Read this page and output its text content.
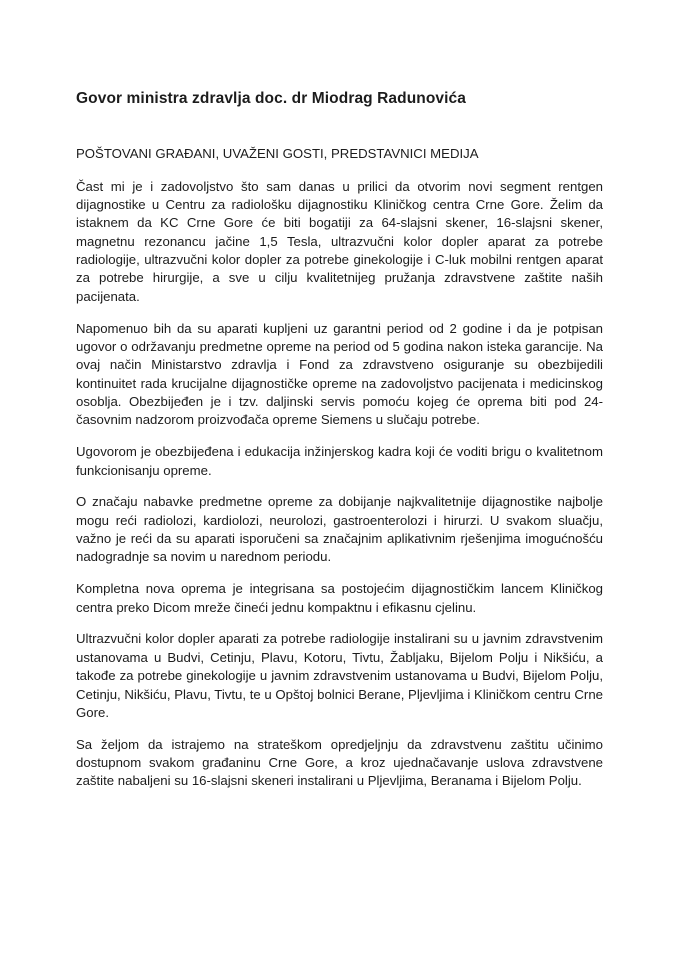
Govor ministra zdravlja doc. dr Miodrag Radunovića

POŠTOVANI GRAĐANI, UVAŽENI GOSTI, PREDSTAVNICI MEDIJA

Čast mi je i zadovoljstvo što sam danas u prilici da otvorim novi segment rentgen dijagnostike u Centru za radiološku dijagnostiku Kliničkog centra Crne Gore. Želim da istaknem da KC Crne Gore će biti bogatiji za 64-slajsni skener, 16-slajsni skener, magnetnu rezonancu jačine 1,5 Tesla, ultrazvučni kolor dopler aparat za potrebe radiologije, ultrazvučni kolor dopler za potrebe ginekologije i C-luk mobilni rentgen aparat za potrebe hirurgije, a sve u cilju kvalitetnijeg pružanja zdravstvene zaštite naših pacijenata.

Napomenuo bih da su aparati kupljeni uz garantni period od 2 godine i da je potpisan ugovor o održavanju predmetne opreme na period od 5 godina nakon isteka garancije. Na ovaj način Ministarstvo zdravlja i Fond za zdravstveno osiguranje su obezbijedili kontinuitet rada krucijalne dijagnostičke opreme na zadovoljstvo pacijenata i medicinskog osoblja. Obezbijeđen je i tzv. daljinski servis pomoću kojeg će oprema biti pod 24-časovnim nadzorom proizvođača opreme Siemens u slučaju potrebe.

Ugovorom je obezbijeđena i edukacija inžinjerskog kadra koji će voditi brigu o kvalitetnom funkcionisanju opreme.

O značaju nabavke predmetne opreme za dobijanje najkvalitetnije dijagnostike najbolje mogu reći radiolozi, kardiolozi, neurolozi, gastroenterolozi i hirurzi. U svakom sluačju, važno je reći da su aparati isporučeni sa značajnim aplikativnim rješenjima imogućnošću nadogradnje sa novim u narednom periodu.

Kompletna nova oprema je integrisana sa postojećim dijagnostičkim lancem Kliničkog centra preko Dicom mreže čineći jednu kompaktnu i efikasnu cjelinu.

Ultrazvučni kolor dopler aparati za potrebe radiologije instalirani su u javnim zdravstvenim ustanovama u Budvi, Cetinju, Plavu, Kotoru, Tivtu, Žabljaku, Bijelom Polju i Nikšiću, a takođe za potrebe ginekologije u javnim zdravstvenim ustanovama u Budvi, Bijelom Polju, Cetinju, Nikšiću, Plavu, Tivtu, te u Opštoj bolnici Berane, Pljevljima i Kliničkom centru Crne Gore.

Sa željom da istrajemo na strateškom opredjeljnju da zdravstvenu zaštitu učinimo dostupnom svakom građaninu Crne Gore, a kroz ujednačavanje uslova zdravstvene zaštite nabaljeni su 16-slajsni skeneri instalirani u Pljevljima, Beranama i Bijelom Polju.
